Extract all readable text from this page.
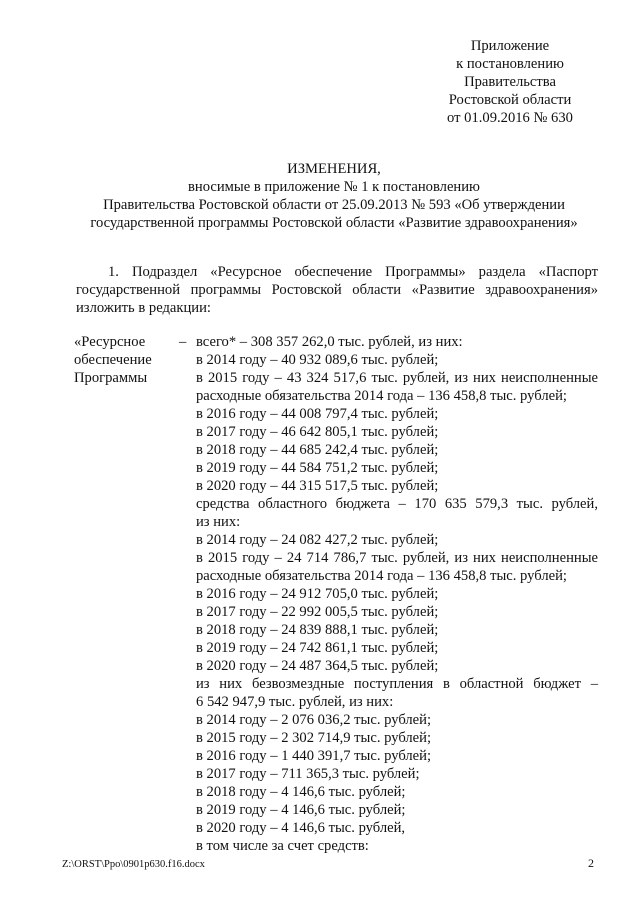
Приложение
к постановлению
Правительства
Ростовской области
от 01.09.2016 № 630
ИЗМЕНЕНИЯ,
вносимые в приложение № 1 к постановлению
Правительства Ростовской области от 25.09.2013 № 593 «Об утверждении
государственной программы Ростовской области «Развитие здравоохранения»
1. Подраздел «Ресурсное обеспечение Программы» раздела «Паспорт
государственной программы Ростовской области «Развитие здравоохранения»
изложить в редакции:
«Ресурсное
обеспечение
Программы
– всего* – 308 357 262,0 тыс. рублей, из них:
в 2014 году – 40 932 089,6 тыс. рублей;
в 2015 году – 43 324 517,6 тыс. рублей, из них неисполненные
расходные обязательства 2014 года – 136 458,8 тыс. рублей;
в 2016 году – 44 008 797,4 тыс. рублей;
в 2017 году – 46 642 805,1 тыс. рублей;
в 2018 году – 44 685 242,4 тыс. рублей;
в 2019 году – 44 584 751,2 тыс. рублей;
в 2020 году – 44 315 517,5 тыс. рублей;
средства областного бюджета – 170 635 579,3 тыс. рублей,
из них:
в 2014 году – 24 082 427,2 тыс. рублей;
в 2015 году – 24 714 786,7 тыс. рублей, из них неисполненные
расходные обязательства 2014 года – 136 458,8 тыс. рублей;
в 2016 году – 24 912 705,0 тыс. рублей;
в 2017 году – 22 992 005,5 тыс. рублей;
в 2018 году – 24 839 888,1 тыс. рублей;
в 2019 году – 24 742 861,1 тыс. рублей;
в 2020 году – 24 487 364,5 тыс. рублей;
из них безвозмездные поступления в областной бюджет –
6 542 947,9 тыс. рублей, из них:
в 2014 году – 2 076 036,2 тыс. рублей;
в 2015 году – 2 302 714,9 тыс. рублей;
в 2016 году – 1 440 391,7 тыс. рублей;
в 2017 году – 711 365,3 тыс. рублей;
в 2018 году – 4 146,6 тыс. рублей;
в 2019 году – 4 146,6 тыс. рублей;
в 2020 году – 4 146,6 тыс. рублей,
в том числе за счет средств:
Z:\ORST\Ppo\0901p630.f16.docx	2
